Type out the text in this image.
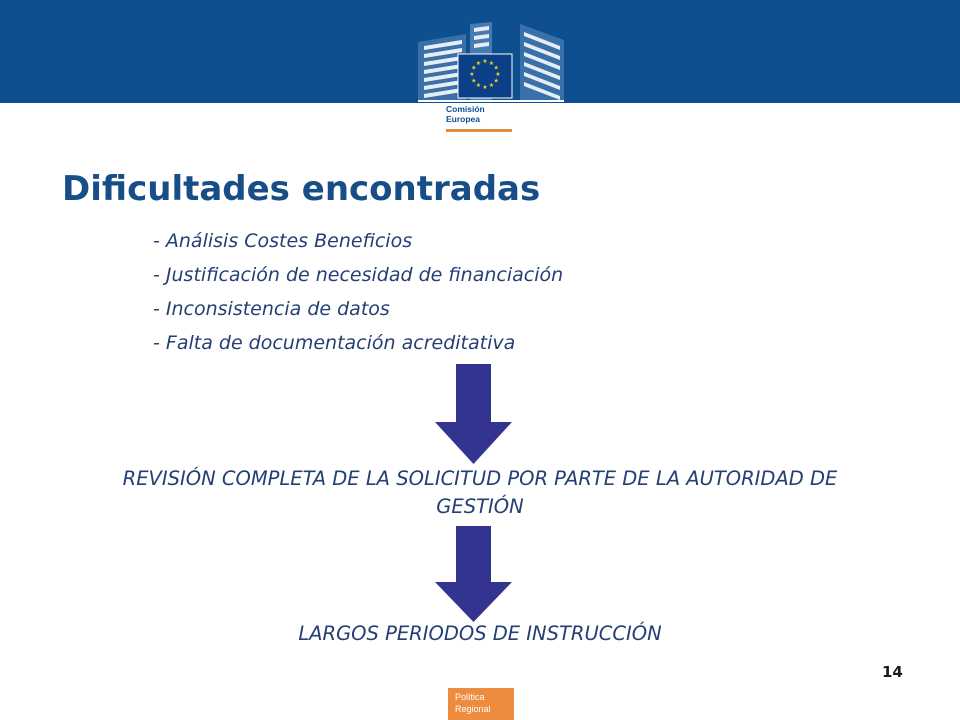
★ ★
★
★
★
★
★
★
★
★
★
★
Comisión
Europea
Dificultades encontradas
- Análisis Costes Beneficios
- Justificación de necesidad de financiación
- Inconsistencia de datos
- Falta de documentación acreditativa

REVISIÓN COMPLETA DE LA SOLICITUD POR PARTE DE LA AUTORIDAD DE GESTIÓN

LARGOS PERIODOS DE INSTRUCCIÓN

14
Política
Regional
